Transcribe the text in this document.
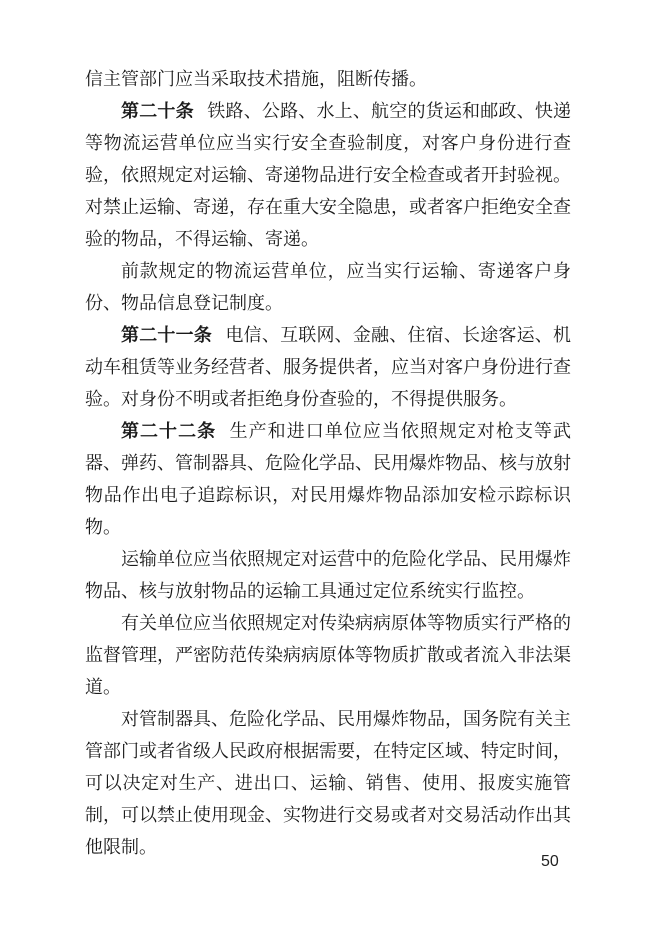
信主管部门应当采取技术措施，阻断传播。

第二十条 铁路、公路、水上、航空的货运和邮政、快递等物流运营单位应当实行安全查验制度，对客户身份进行查验，依照规定对运输、寄递物品进行安全检查或者开封验视。对禁止运输、寄递，存在重大安全隐患，或者客户拒绝安全查验的物品，不得运输、寄递。

前款规定的物流运营单位，应当实行运输、寄递客户身份、物品信息登记制度。

第二十一条 电信、互联网、金融、住宿、长途客运、机动车租赁等业务经营者、服务提供者，应当对客户身份进行查验。对身份不明或者拒绝身份查验的，不得提供服务。

第二十二条 生产和进口单位应当依照规定对枪支等武器、弹药、管制器具、危险化学品、民用爆炸物品、核与放射物品作出电子追踪标识，对民用爆炸物品添加安检示踪标识物。

运输单位应当依照规定对运营中的危险化学品、民用爆炸物品、核与放射物品的运输工具通过定位系统实行监控。

有关单位应当依照规定对传染病病原体等物质实行严格的监督管理，严密防范传染病病原体等物质扩散或者流入非法渠道。

对管制器具、危险化学品、民用爆炸物品，国务院有关主管部门或者省级人民政府根据需要，在特定区域、特定时间，可以决定对生产、进出口、运输、销售、使用、报废实施管制，可以禁止使用现金、实物进行交易或者对交易活动作出其他限制。

50
